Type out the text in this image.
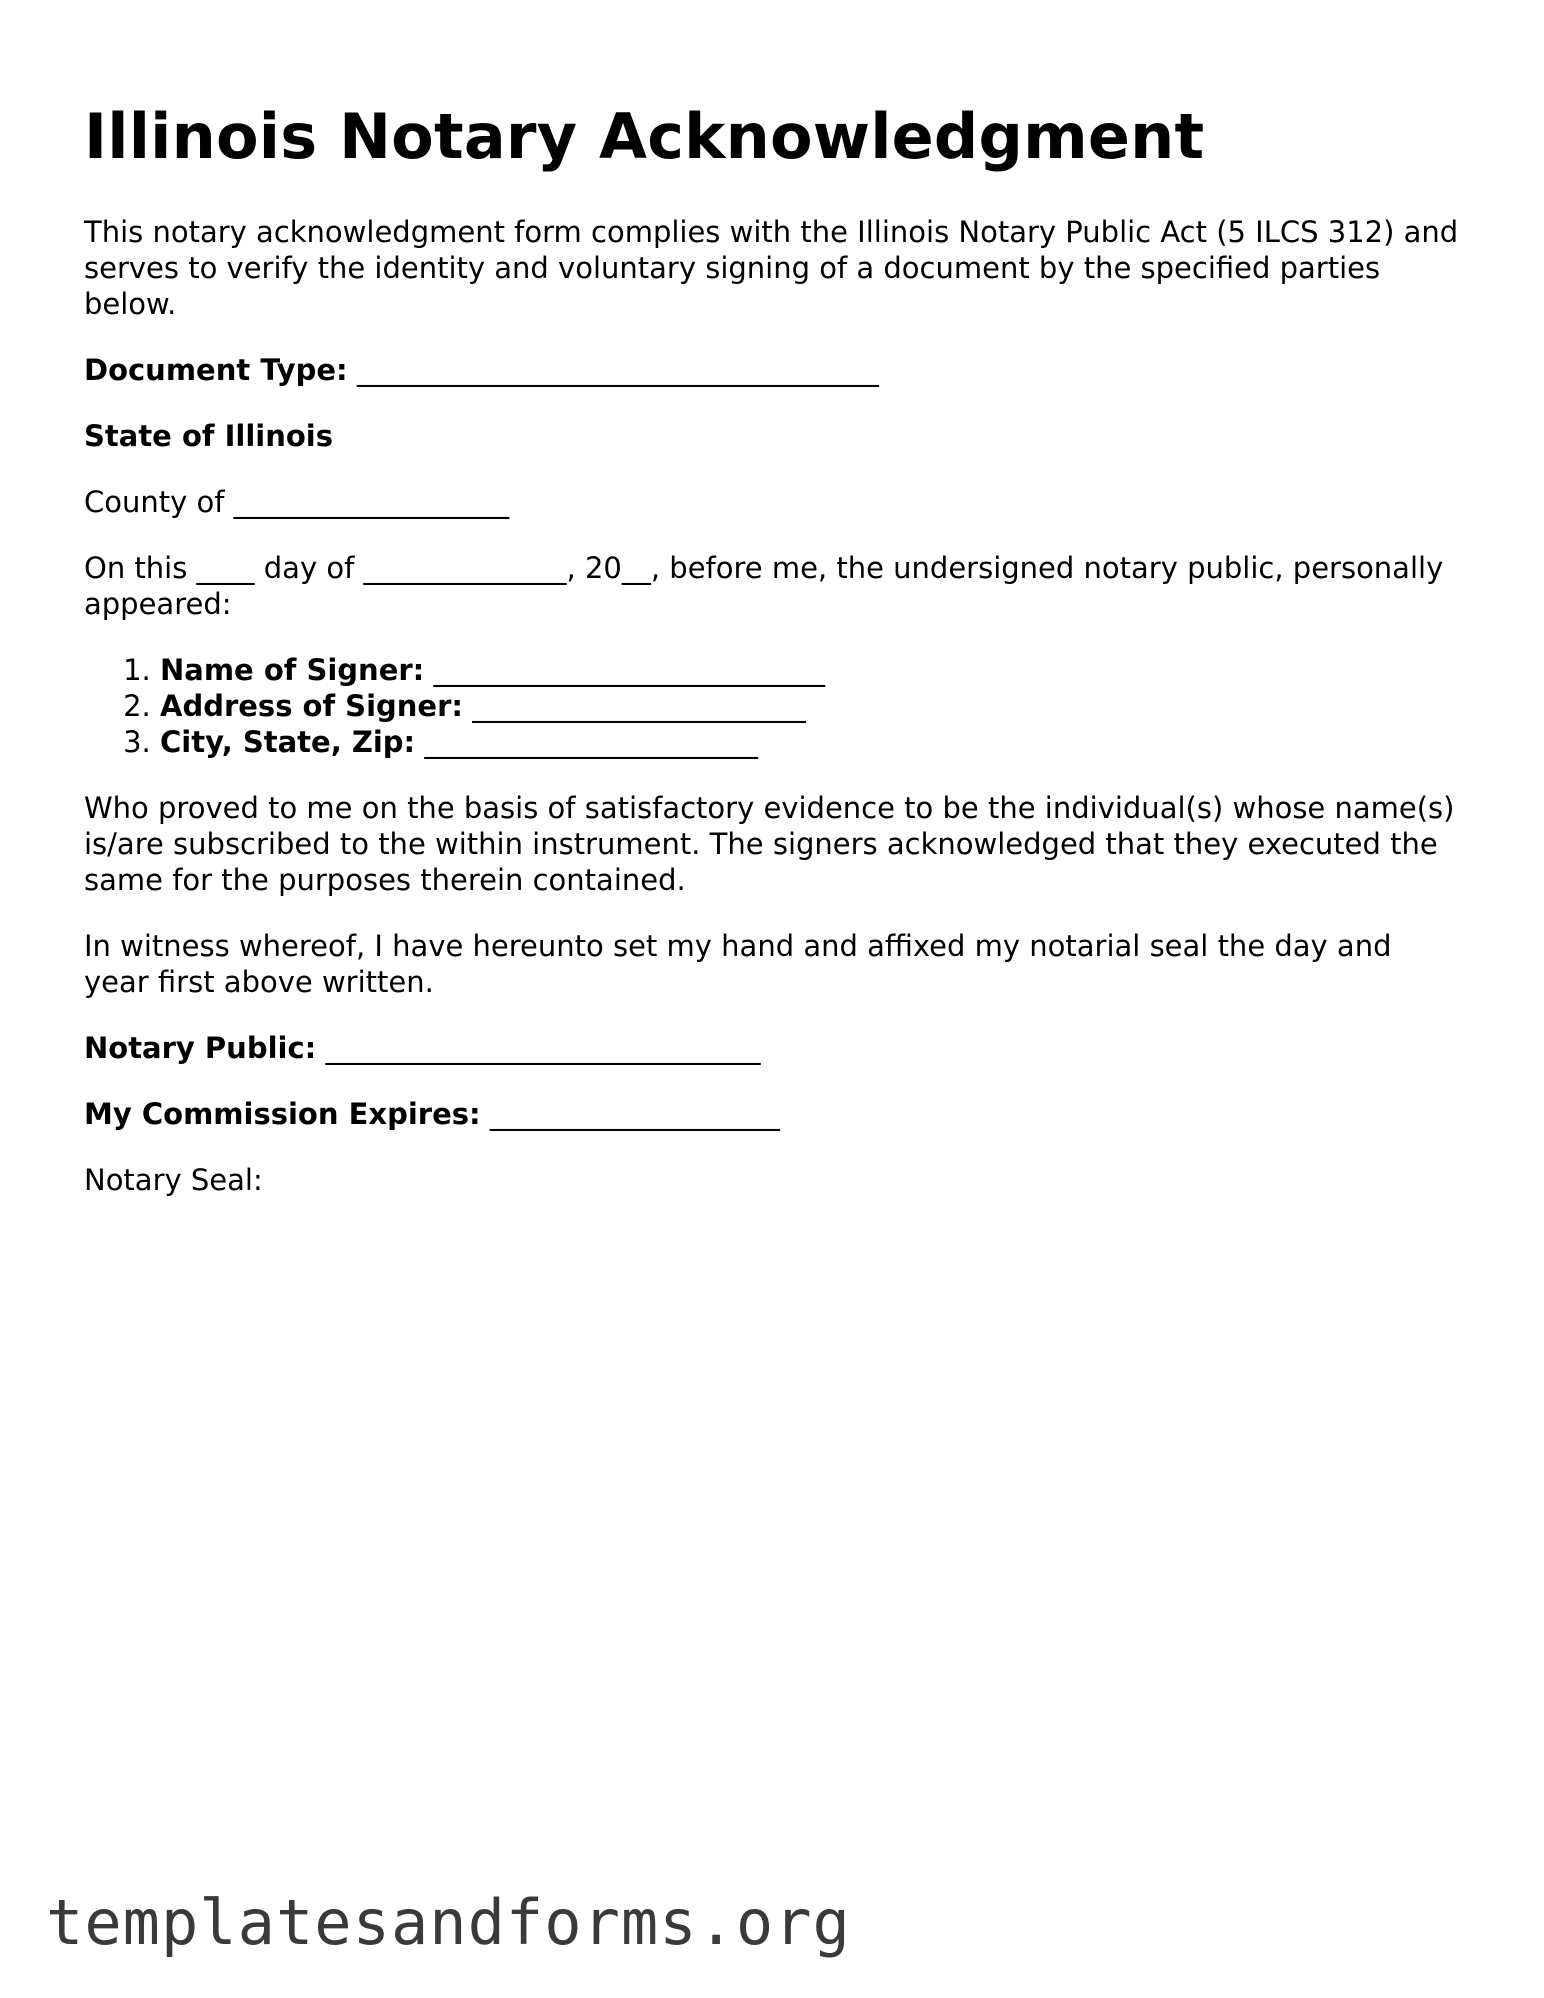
Illinois Notary Acknowledgment

This notary acknowledgment form complies with the Illinois Notary Public Act (5 ILCS 312) and serves to verify the identity and voluntary signing of a document by the specified parties below.

Document Type: ____________________________________

State of Illinois

County of ___________________

On this ____ day of ______________, 20__, before me, the undersigned notary public, personally appeared:

1. Name of Signer: ___________________________
2. Address of Signer: _______________________
3. City, State, Zip: _______________________

Who proved to me on the basis of satisfactory evidence to be the individual(s) whose name(s) is/are subscribed to the within instrument. The signers acknowledged that they executed the same for the purposes therein contained.

In witness whereof, I have hereunto set my hand and affixed my notarial seal the day and year first above written.

Notary Public: ______________________________

My Commission Expires: ____________________

Notary Seal:

templatesandforms.org
